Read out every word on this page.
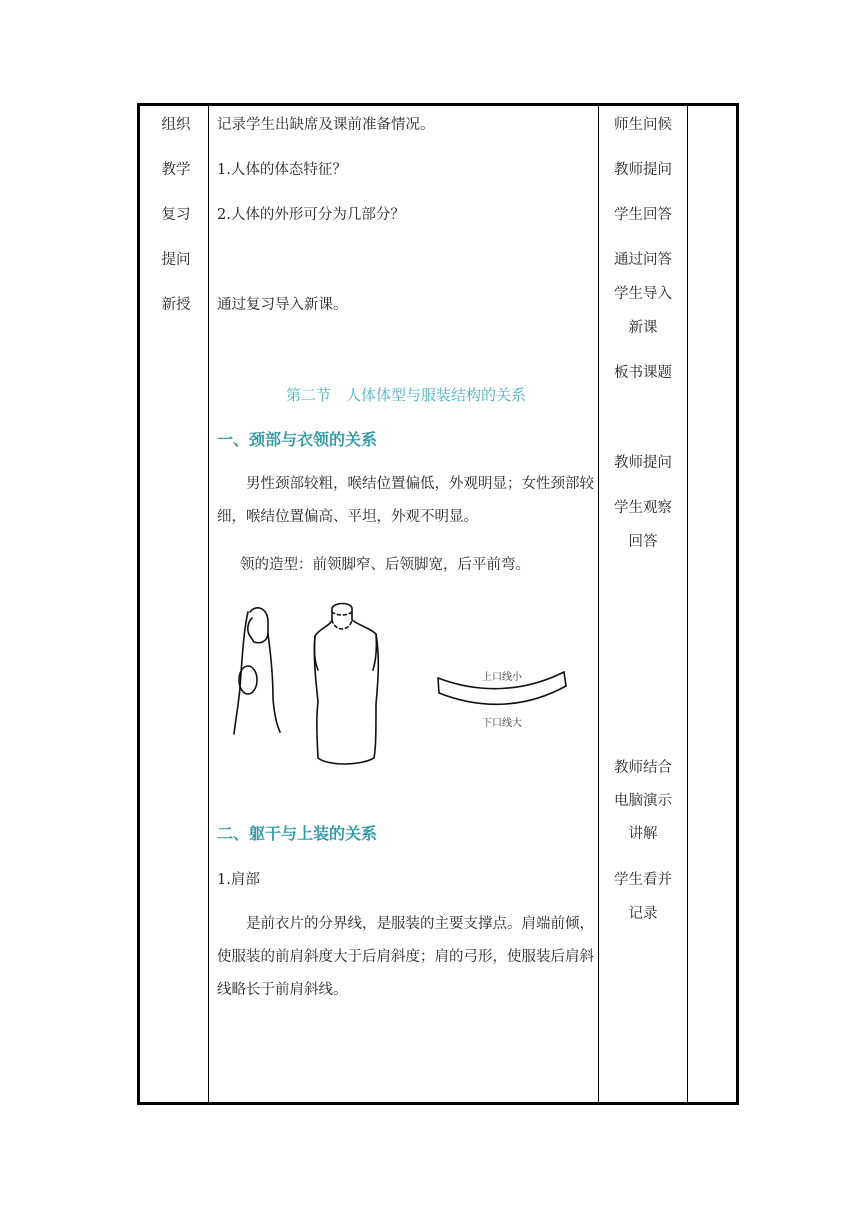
组织
教学
复习
提问
新授
记录学生出缺席及课前准备情况。
1.人体的体态特征？
2.人体的外形可分为几部分？
通过复习导入新课。
第二节　人体体型与服装结构的关系
一、颈部与衣领的关系
男性颈部较粗，喉结位置偏低，外观明显；女性颈部较细，喉结位置偏高、平坦，外观不明显。
领的造型：前领脚窄、后领脚宽，后平前弯。
上口线小
下口线大
二、躯干与上装的关系
1.肩部
是前衣片的分界线，是服装的主要支撑点。肩端前倾，使服装的前肩斜度大于后肩斜度；肩的弓形，使服装后肩斜线略长于前肩斜线。
师生问候
教师提问
学生回答
通过问答
学生导入
新课
板书课题
教师提问
学生观察
回答
教师结合
电脑演示
讲解
学生看并
记录
